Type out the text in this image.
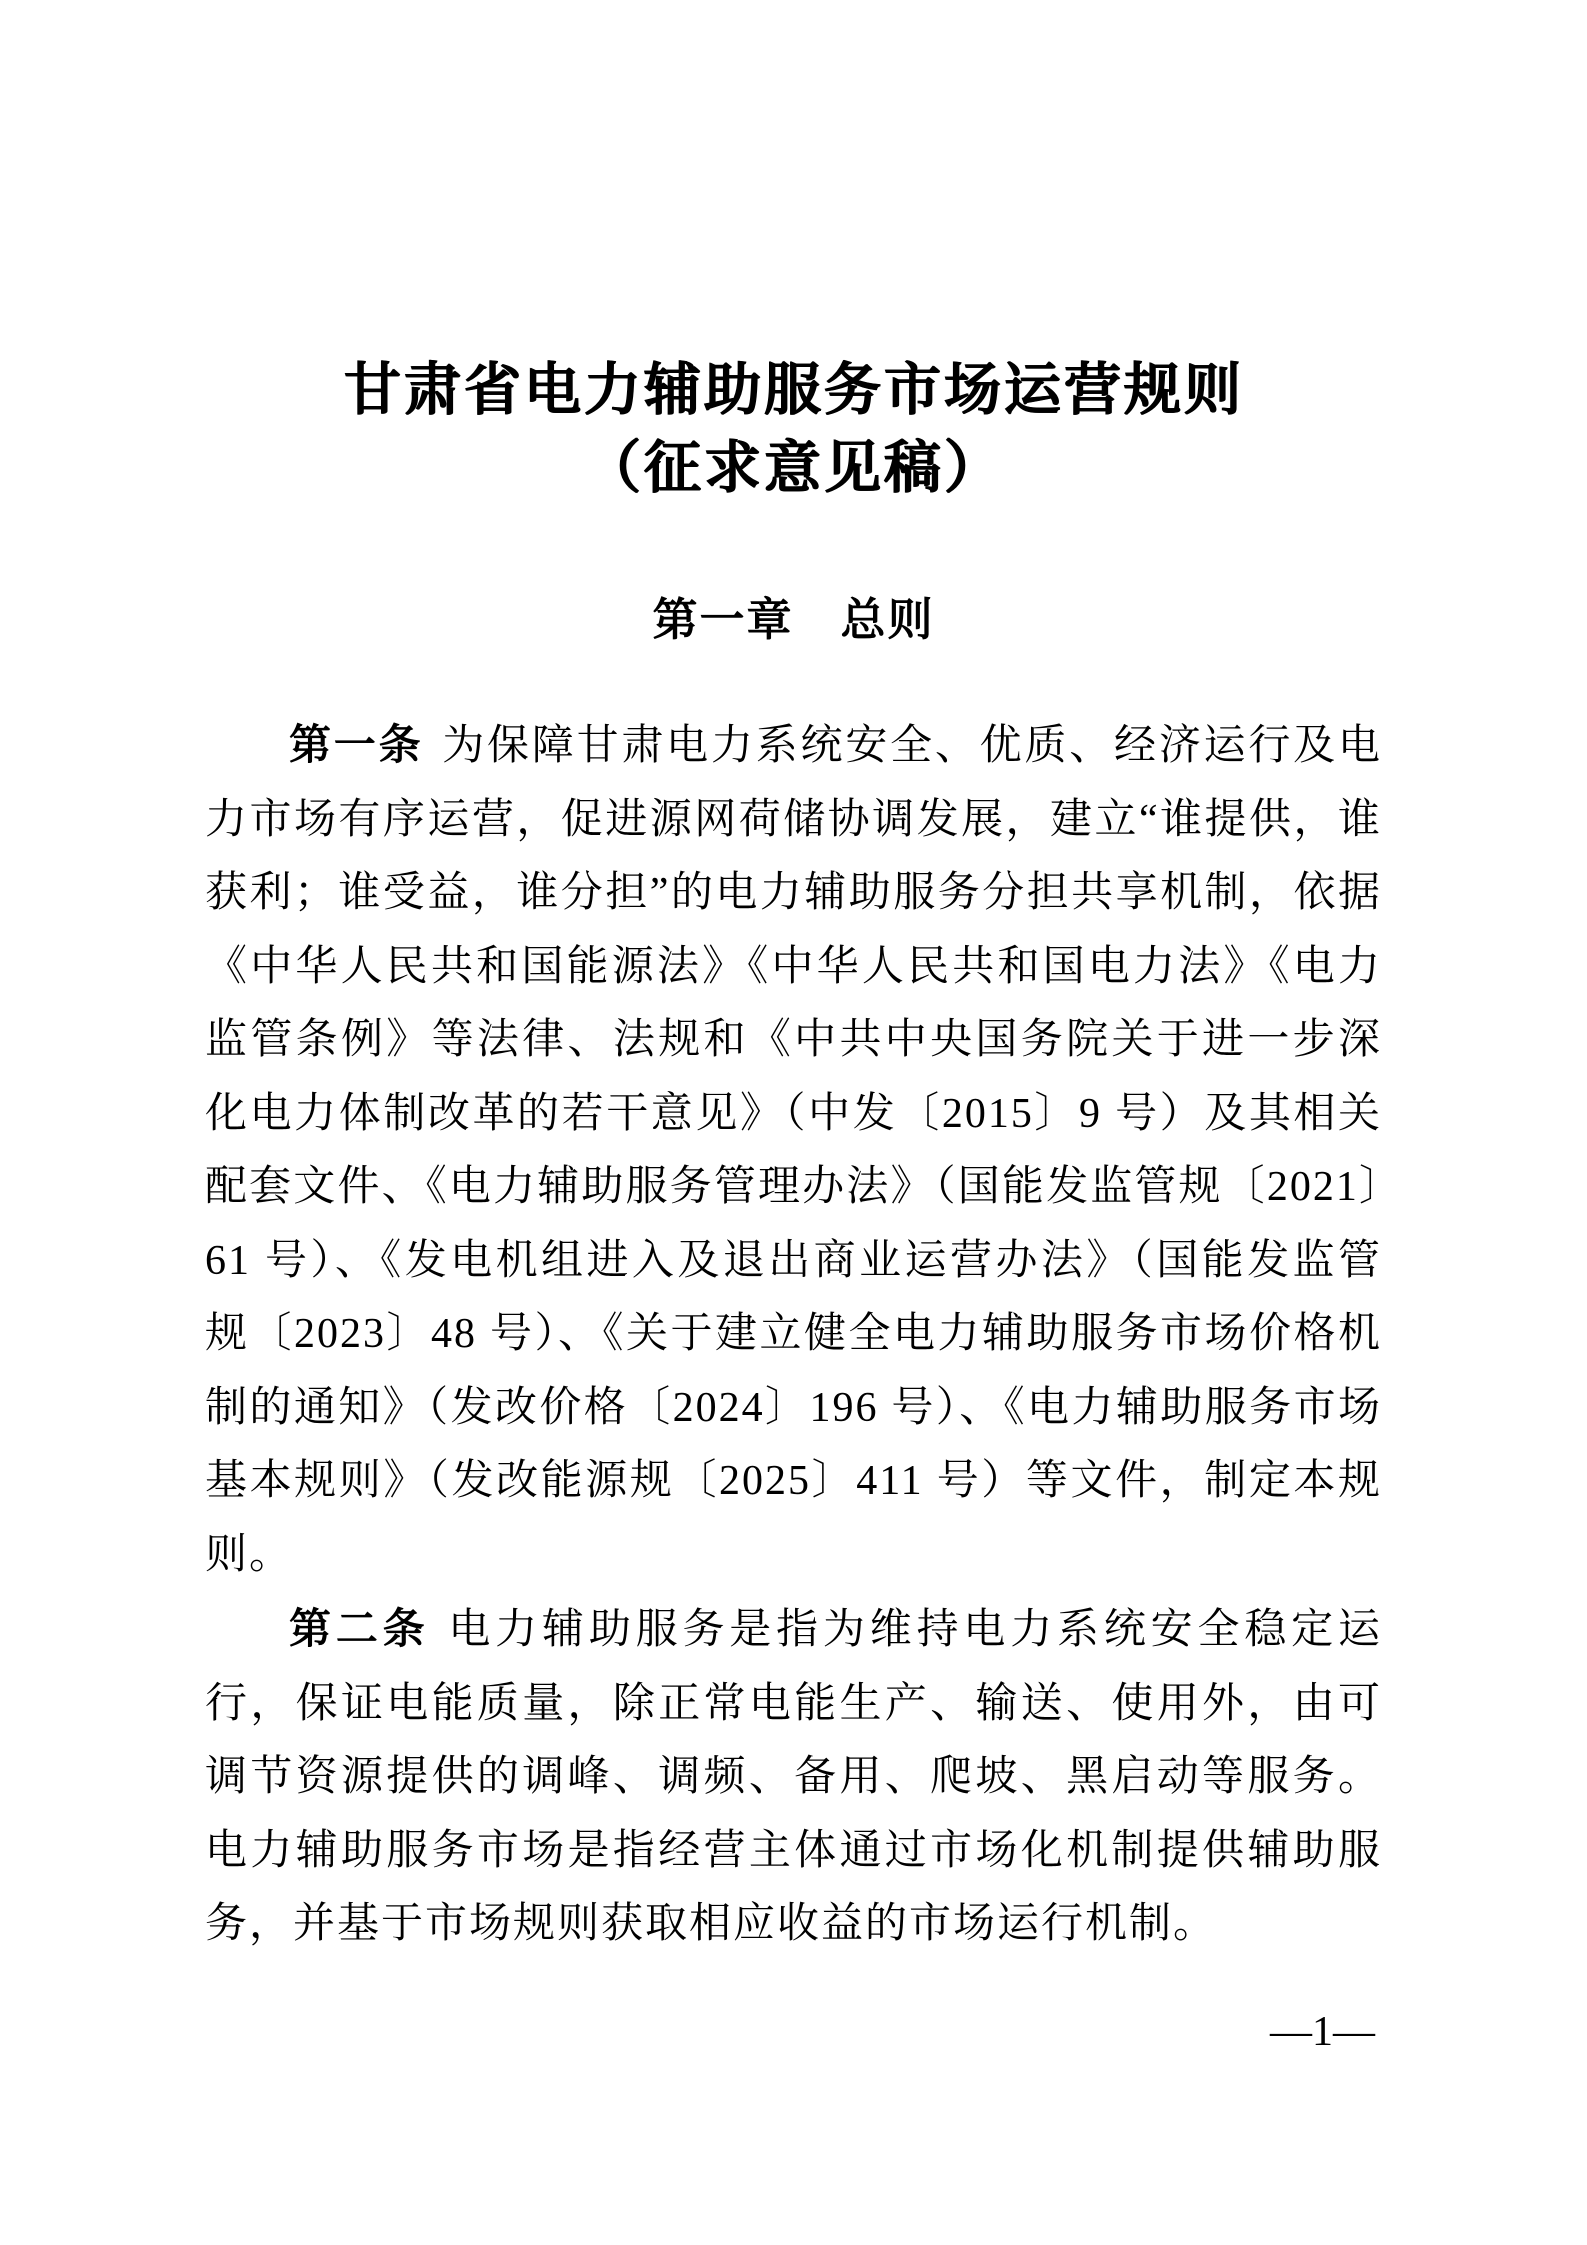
甘肃省电力辅助服务市场运营规则
（征求意见稿）
第一章　总则

第一条 为保障甘肃电力系统安全、优质、经济运行及电力市场有序运营，促进源网荷储协调发展，建立“谁提供，谁获利；谁受益，谁分担”的电力辅助服务分担共享机制，依据《中华人民共和国能源法》《中华人民共和国电力法》《电力监管条例》等法律、法规和《中共中央国务院关于进一步深化电力体制改革的若干意见》（中发〔2015〕9 号）及其相关配套文件、《电力辅助服务管理办法》（国能发监管规〔2021〕61 号）、《发电机组进入及退出商业运营办法》（国能发监管规〔2023〕48 号）、《关于建立健全电力辅助服务市场价格机制的通知》（发改价格〔2024〕196 号）、《电力辅助服务市场基本规则》（发改能源规〔2025〕411 号）等文件，制定本规则。

第二条 电力辅助服务是指为维持电力系统安全稳定运行，保证电能质量，除正常电能生产、输送、使用外，由可调节资源提供的调峰、调频、备用、爬坡、黑启动等服务。电力辅助服务市场是指经营主体通过市场化机制提供辅助服务，并基于市场规则获取相应收益的市场运行机制。

—1—
